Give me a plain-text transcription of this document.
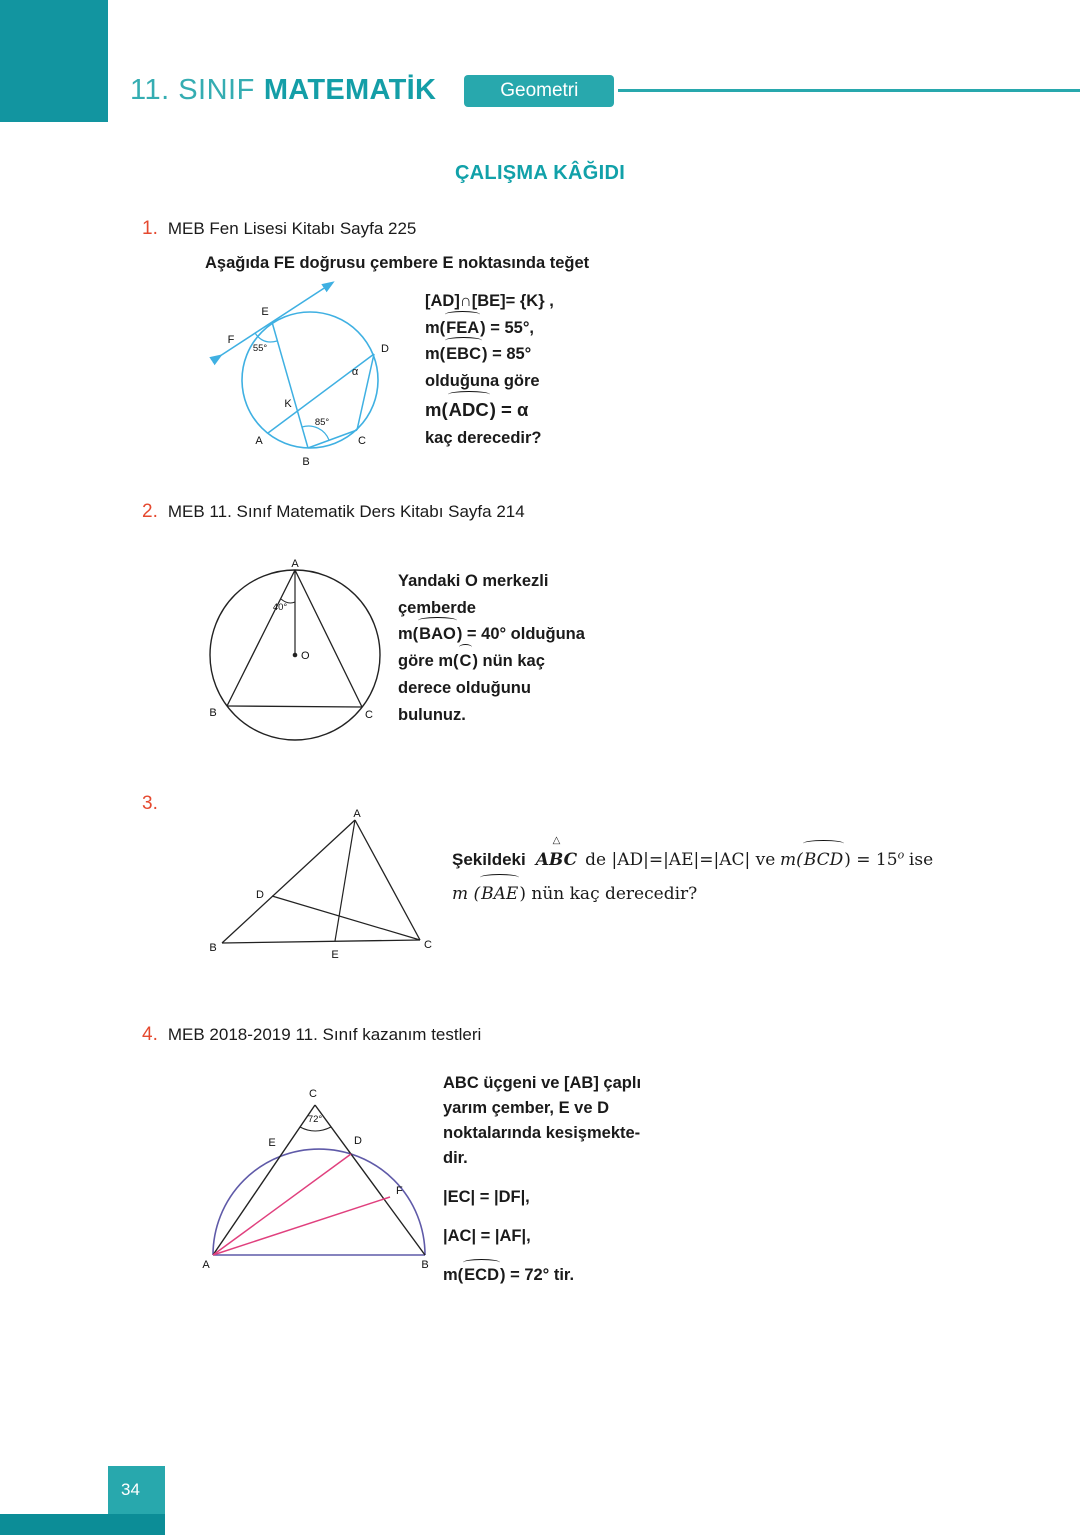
11. SINIF MATEMATİK	Geometri
ÇALIŞMA KÂĞIDI
1. MEB Fen Lisesi Kitabı Sayfa 225
Aşağıda FE doğrusu çembere E noktasında teğet
E
F
D
K
A
B
C
55°
85°
α
[AD]∩[BE]= {K} ,
m(FEA) = 55°,
m(EBC) = 85°
olduğuna göre
m(ADC) = α
kaç derecedir?
2. MEB 11. Sınıf Matematik Ders Kitabı Sayfa 214
A
B	C
O
40°
Yandaki O merkezli
çemberde
m(BAO) = 40° olduğuna
göre m(C) nün kaç
derece olduğunu
bulunuz.
3.	A
B	C
D
E
Şekildeki
△
ABC de |AD|=|AE|=|AC| ve $m(BCD) = 15^o$ ise
m (BAE) nün kaç derecedir?
4. MEB 2018-2019 11. Sınıf kazanım testleri
A	B
C
E	D
F
72°
ABC üçgeni ve [AB] çaplı
yarım çember, E ve D
noktalarında kesişmekte-
dir.
|EC| = |DF|,
|AC| = |AF|,
m(ECD) = 72° tir.
34
